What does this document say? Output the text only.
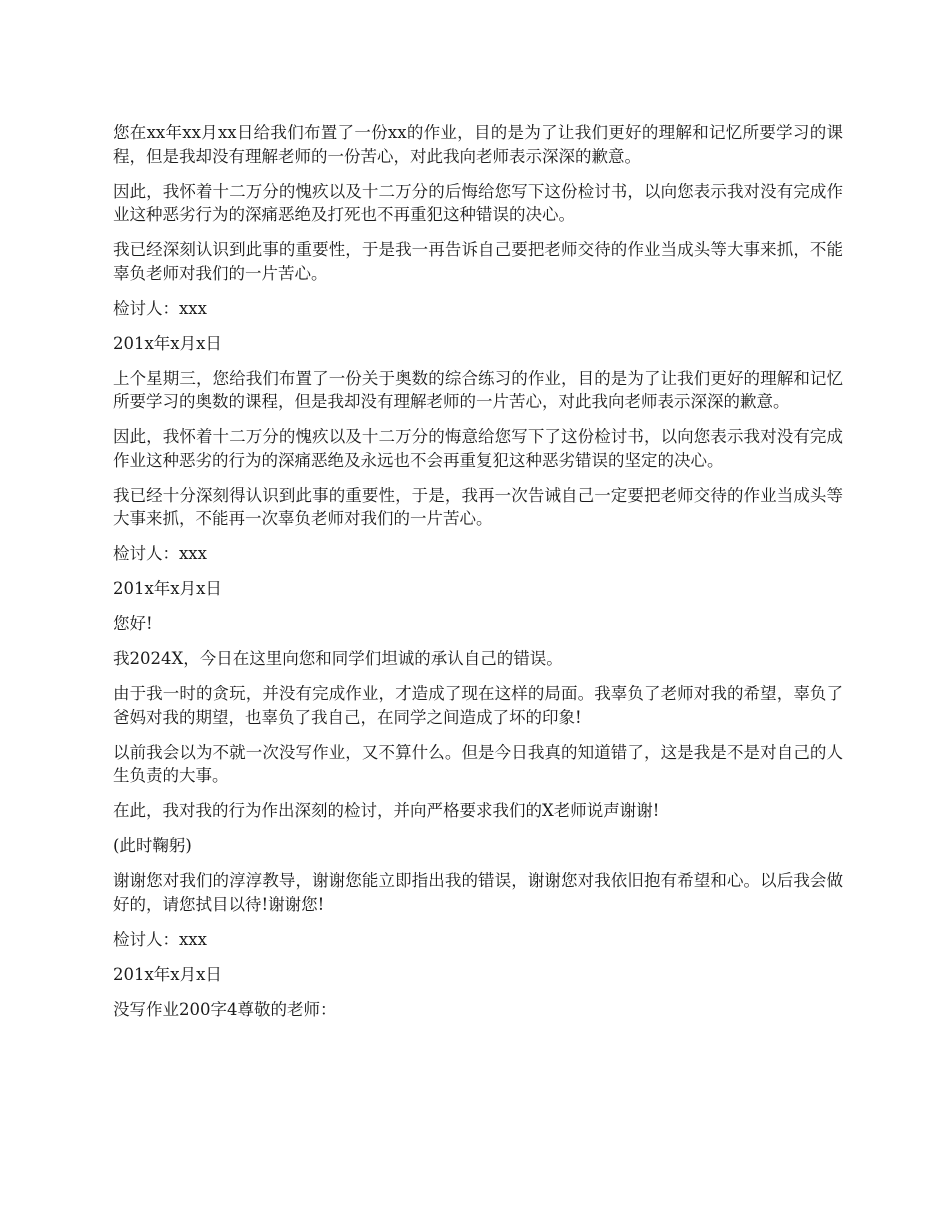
您在xx年xx月xx日给我们布置了一份xx的作业，目的是为了让我们更好的理解和记忆所要学习的课程，但是我却没有理解老师的一份苦心，对此我向老师表示深深的歉意。

因此，我怀着十二万分的愧疚以及十二万分的后悔给您写下这份检讨书，以向您表示我对没有完成作业这种恶劣行为的深痛恶绝及打死也不再重犯这种错误的决心。

我已经深刻认识到此事的重要性，于是我一再告诉自己要把老师交待的作业当成头等大事来抓，不能辜负老师对我们的一片苦心。

检讨人：xxx

201x年x月x日

上个星期三，您给我们布置了一份关于奥数的综合练习的作业，目的是为了让我们更好的理解和记忆所要学习的奥数的课程，但是我却没有理解老师的一片苦心，对此我向老师表示深深的歉意。

因此，我怀着十二万分的愧疚以及十二万分的悔意给您写下了这份检讨书，以向您表示我对没有完成作业这种恶劣的行为的深痛恶绝及永远也不会再重复犯这种恶劣错误的坚定的决心。

我已经十分深刻得认识到此事的重要性，于是，我再一次告诫自己一定要把老师交待的作业当成头等大事来抓，不能再一次辜负老师对我们的一片苦心。

检讨人：xxx

201x年x月x日

您好!

我2024X，今日在这里向您和同学们坦诚的承认自己的错误。

由于我一时的贪玩，并没有完成作业，才造成了现在这样的局面。我辜负了老师对我的希望，辜负了爸妈对我的期望，也辜负了我自己，在同学之间造成了坏的印象!

以前我会以为不就一次没写作业，又不算什么。但是今日我真的知道错了，这是我是不是对自己的人生负责的大事。

在此，我对我的行为作出深刻的检讨，并向严格要求我们的X老师说声谢谢!

(此时鞠躬)

谢谢您对我们的淳淳教导，谢谢您能立即指出我的错误，谢谢您对我依旧抱有希望和心。以后我会做好的，请您拭目以待!谢谢您!

检讨人：xxx

201x年x月x日

没写作业200字4尊敬的老师：
